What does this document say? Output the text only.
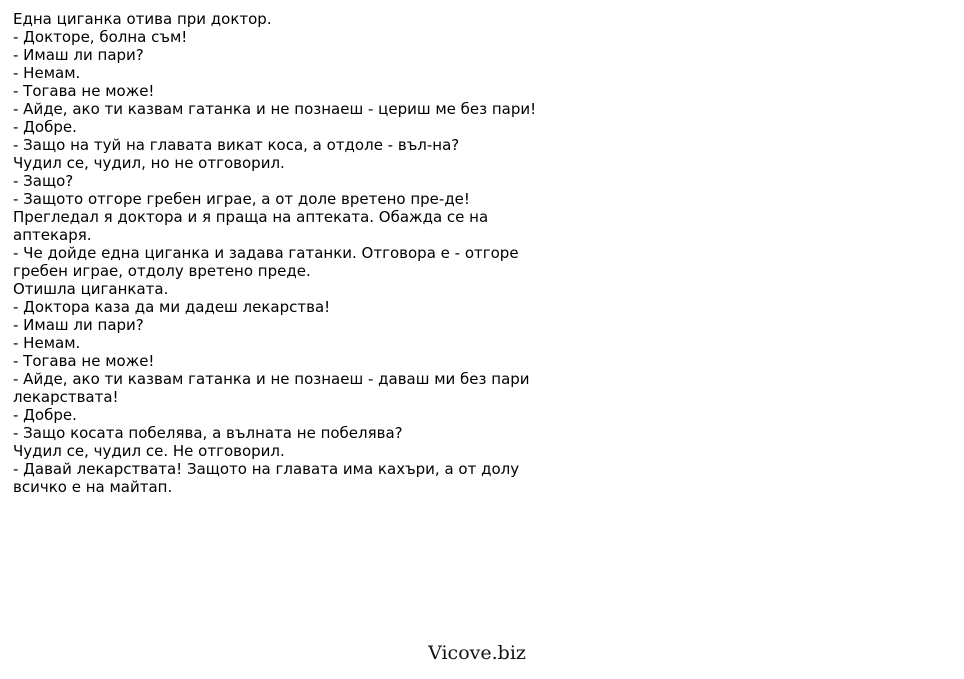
Една циганка отива при доктор.
- Докторе, болна съм!
- Имаш ли пари?
- Немам.
- Тогава не може!
- Айде, ако ти казвам гатанка и не познаеш - цериш ме без пари!
- Добре.
- Защо на туй на главата викат коса, а отдоле - въл-на?
Чудил се, чудил, но не отговорил.
- Защо?
- Защото отгоре гребен играе, а от доле вретено пре-де!
Прегледал я доктора и я праща на аптеката. Обажда се на аптекаря.
- Че дойде една циганка и задава гатанки. Отговора е - отгоре гребен играе, отдолу вретено преде.
Отишла циганката.
- Доктора каза да ми дадеш лекарства!
- Имаш ли пари?
- Немам.
- Тогава не може!
- Айде, ако ти казвам гатанка и не познаеш - даваш ми без пари лекарствата!
- Добре.
- Защо косата побелява, а вълната не побелява?
Чудил се, чудил се. Не отговорил.
- Давай лекарствата! Защото на главата има кахъри, а от долу всичко е на майтап.
Vicove.biz
